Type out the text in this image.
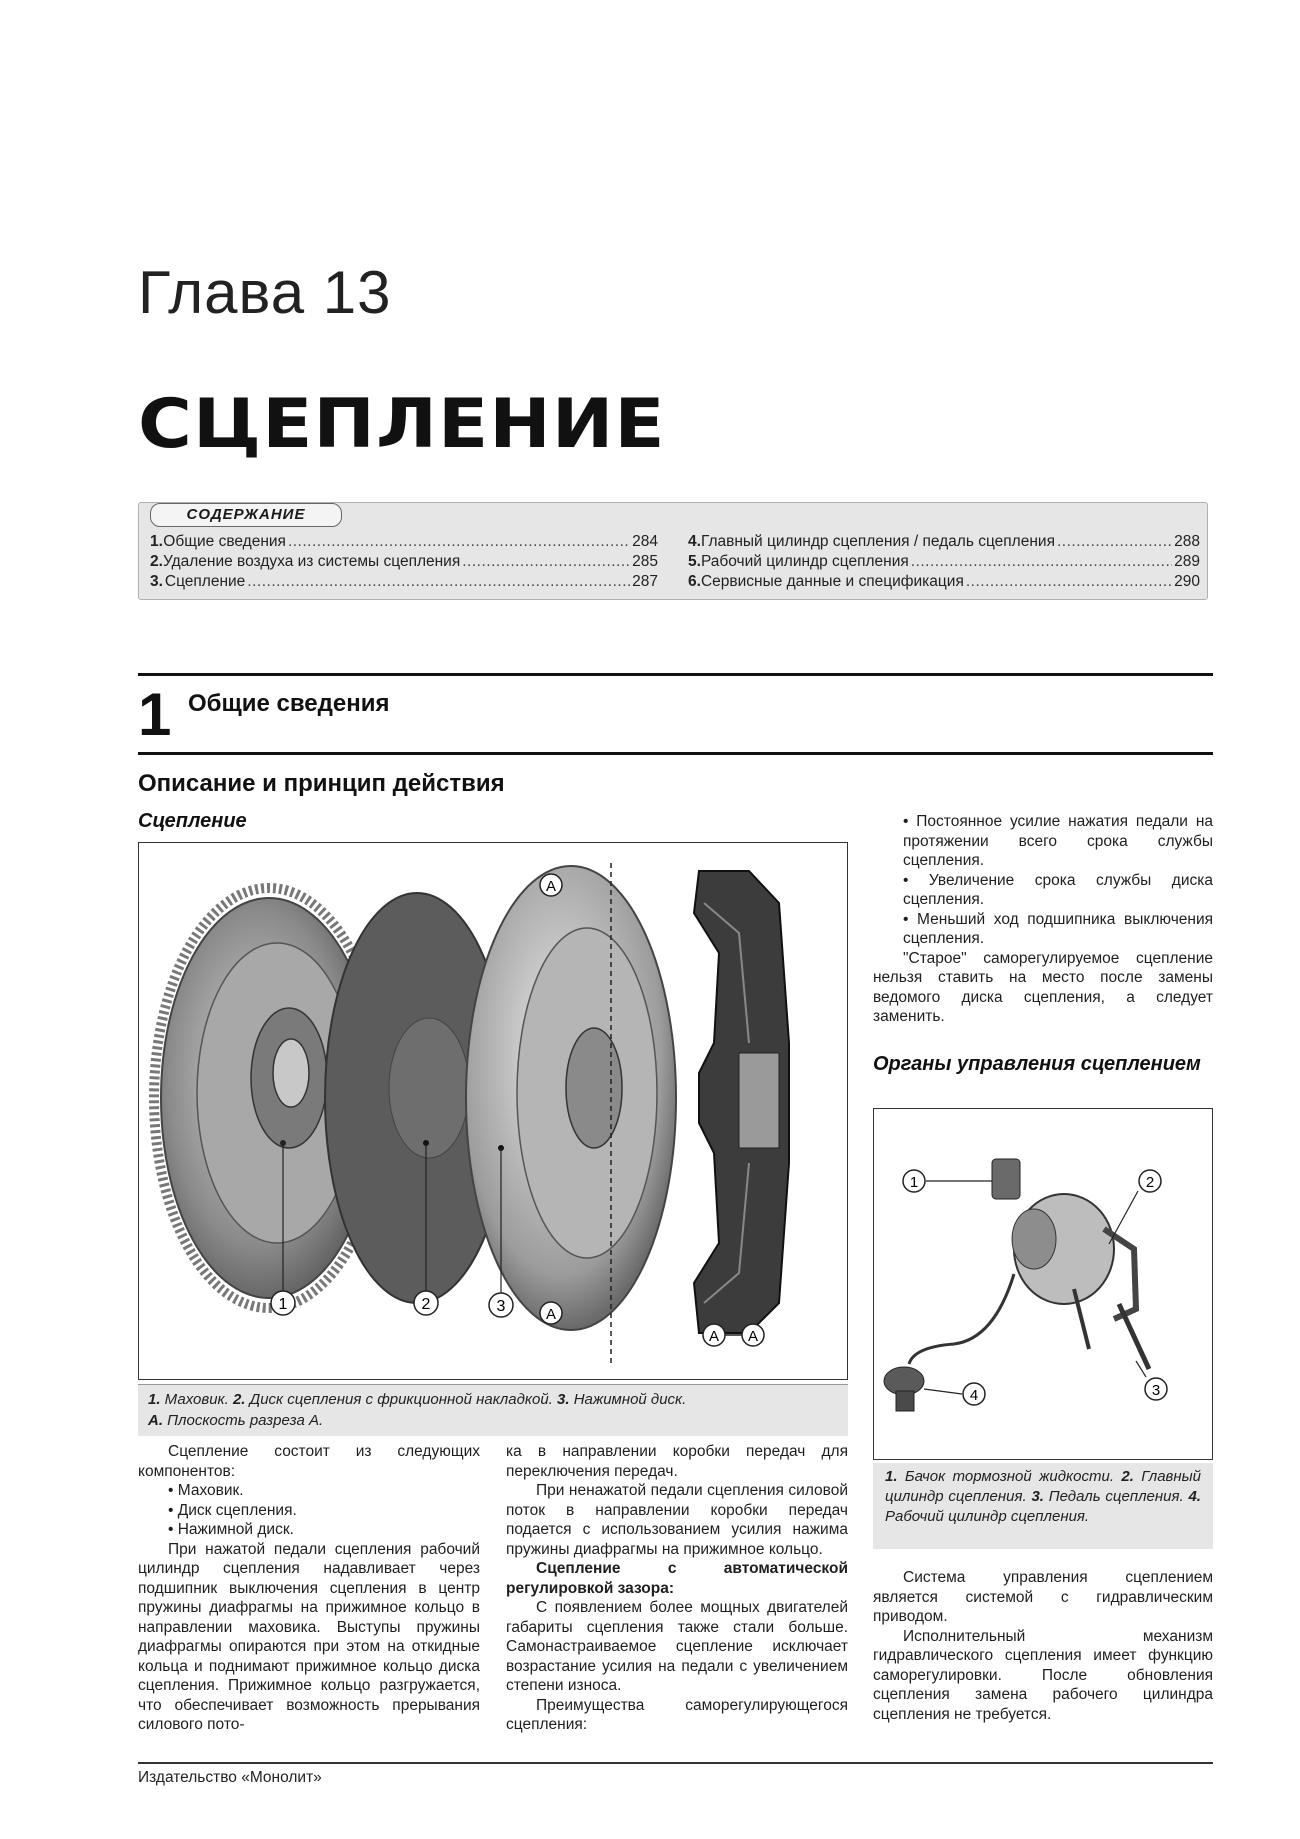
Глава 13
СЦЕПЛЕНИЕ
СОДЕРЖАНИЕ
1. Общие сведения .....	284
2. Удаление воздуха из системы сцепления .....	285
3. Сцепление .....	287
4. Главный цилиндр сцепления / педаль сцепления .....	288
5. Рабочий цилиндр сцепления .....	289
6. Сервисные данные и спецификация .....	290
1 Общие сведения
Описание и принцип действия
Сцепление
1	2	3
A
A
A A
1. Маховик. 2. Диск сцепления с фрикционной накладкой. 3. Нажимной диск.
A. Плоскость разреза A.

Сцепление состоит из следующих компонентов:

• Маховик.

• Диск сцепления.

• Нажимной диск.

При нажатой педали сцепления рабочий цилиндр сцепления надавливает через подшипник выключения сцепления в центр пружины диафрагмы на прижимное кольцо в направлении маховика. Выступы пружины диафрагмы опираются при этом на откидные кольца и поднимают прижимное кольцо диска сцепления. Прижимное кольцо разгружается, что обеспечивает возможность прерывания силового пото-

ка в направлении коробки передач для переключения передач.

При ненажатой педали сцепления силовой поток в направлении коробки передач подается с использованием усилия нажима пружины диафрагмы на прижимное кольцо.

Сцепление с автоматической регулировкой зазора:

С появлением более мощных двигателей габариты сцепления также стали больше. Самонастраиваемое сцепление исключает возрастание усилия на педали с увеличением степени износа.

Преимущества саморегулирующегося сцепления:

• Постоянное усилие нажатия педали на протяжении всего срока службы сцепления.

• Увеличение срока службы диска сцепления.

• Меньший ход подшипника выключения сцепления.

"Старое" саморегулируемое сцепление нельзя ставить на место после замены ведомого диска сцепления, а следует заменить.

Органы управления сцеплением
1	2
3
4
1. Бачок тормозной жидкости. 2. Главный цилиндр сцепления. 3. Педаль сцепления. 4. Рабочий цилиндр сцепления.

Система управления сцеплением является системой с гидравлическим приводом.

Исполнительный механизм гидравлического сцепления имеет функцию саморегулировки. После обновления сцепления замена рабочего цилиндра сцепления не требуется.

Издательство «Монолит»
